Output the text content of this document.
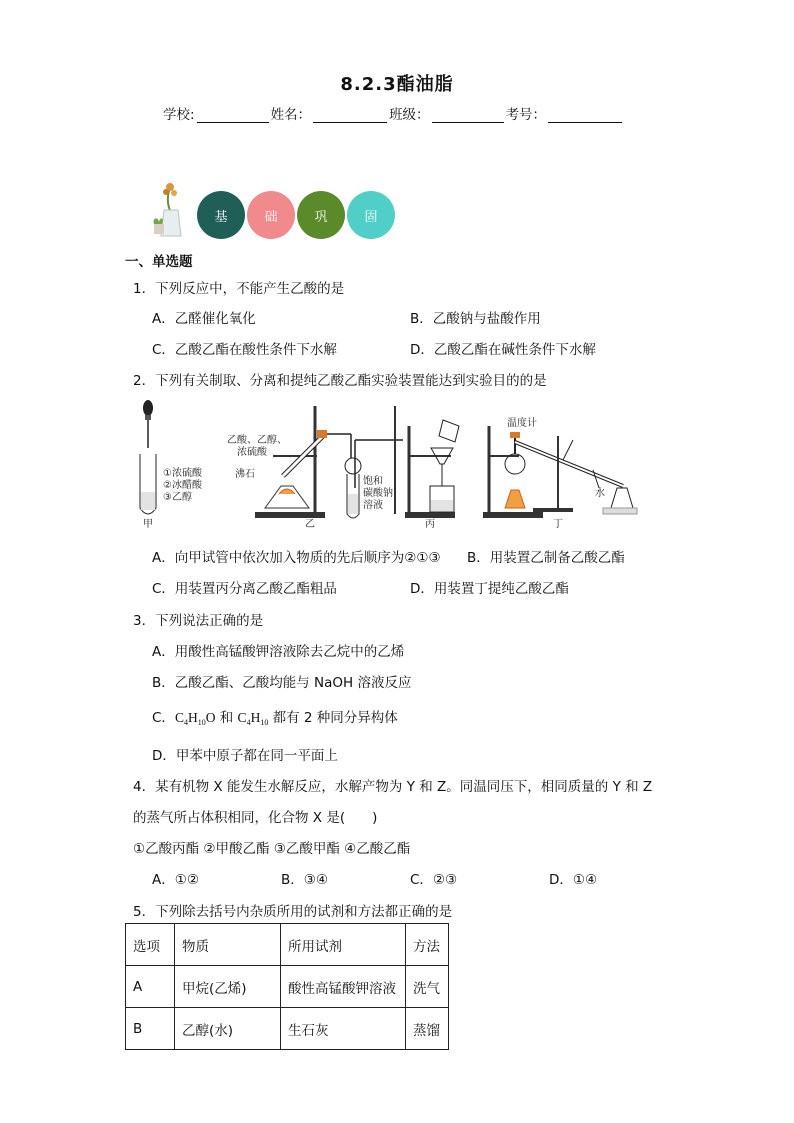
8.2.3酯油脂
学校:	姓名：	班级：	考号：
基	础	巩	固
一、单选题
1．下列反应中，不能产生乙酸的是
A．乙醛催化氧化	B．乙酸钠与盐酸作用
C．乙酸乙酯在酸性条件下水解	D．乙酸乙酯在碱性条件下水解
2．下列有关制取、分离和提纯乙酸乙酯实验装置能达到实验目的的是
①浓硫酸
②冰醋酸
③乙醇
甲
乙酸、乙醇、
浓硫酸
沸石
饱和
碳酸钠
溶液
乙	丙
温度计
水
丁
A．向甲试管中依次加入物质的先后顺序为②①③ B．用装置乙制备乙酸乙酯
C．用装置丙分离乙酸乙酯粗品	D．用装置丁提纯乙酸乙酯
3．下列说法正确的是
A．用酸性高锰酸钾溶液除去乙烷中的乙烯
B．乙酸乙酯、乙酸均能与 NaOH 溶液反应
C．$C_4H_{10}O$ 和 $C_4H_{10}$ 都有 2 种同分异构体
D．甲苯中原子都在同一平面上
4．某有机物 X 能发生水解反应，水解产物为 Y 和 Z。同温同压下，相同质量的 Y 和 Z
的蒸气所占体积相同，化合物 X 是(　　)
①乙酸丙酯 ②甲酸乙酯 ③乙酸甲酯 ④乙酸乙酯
A．①②	B．③④	C．②③	D．①④
5．下列除去括号内杂质所用的试剂和方法都正确的是
选项	物质	所用试剂	方法
A	甲烷(乙烯)	酸性高锰酸钾溶液	洗气
B	乙醇(水)	生石灰	蒸馏
